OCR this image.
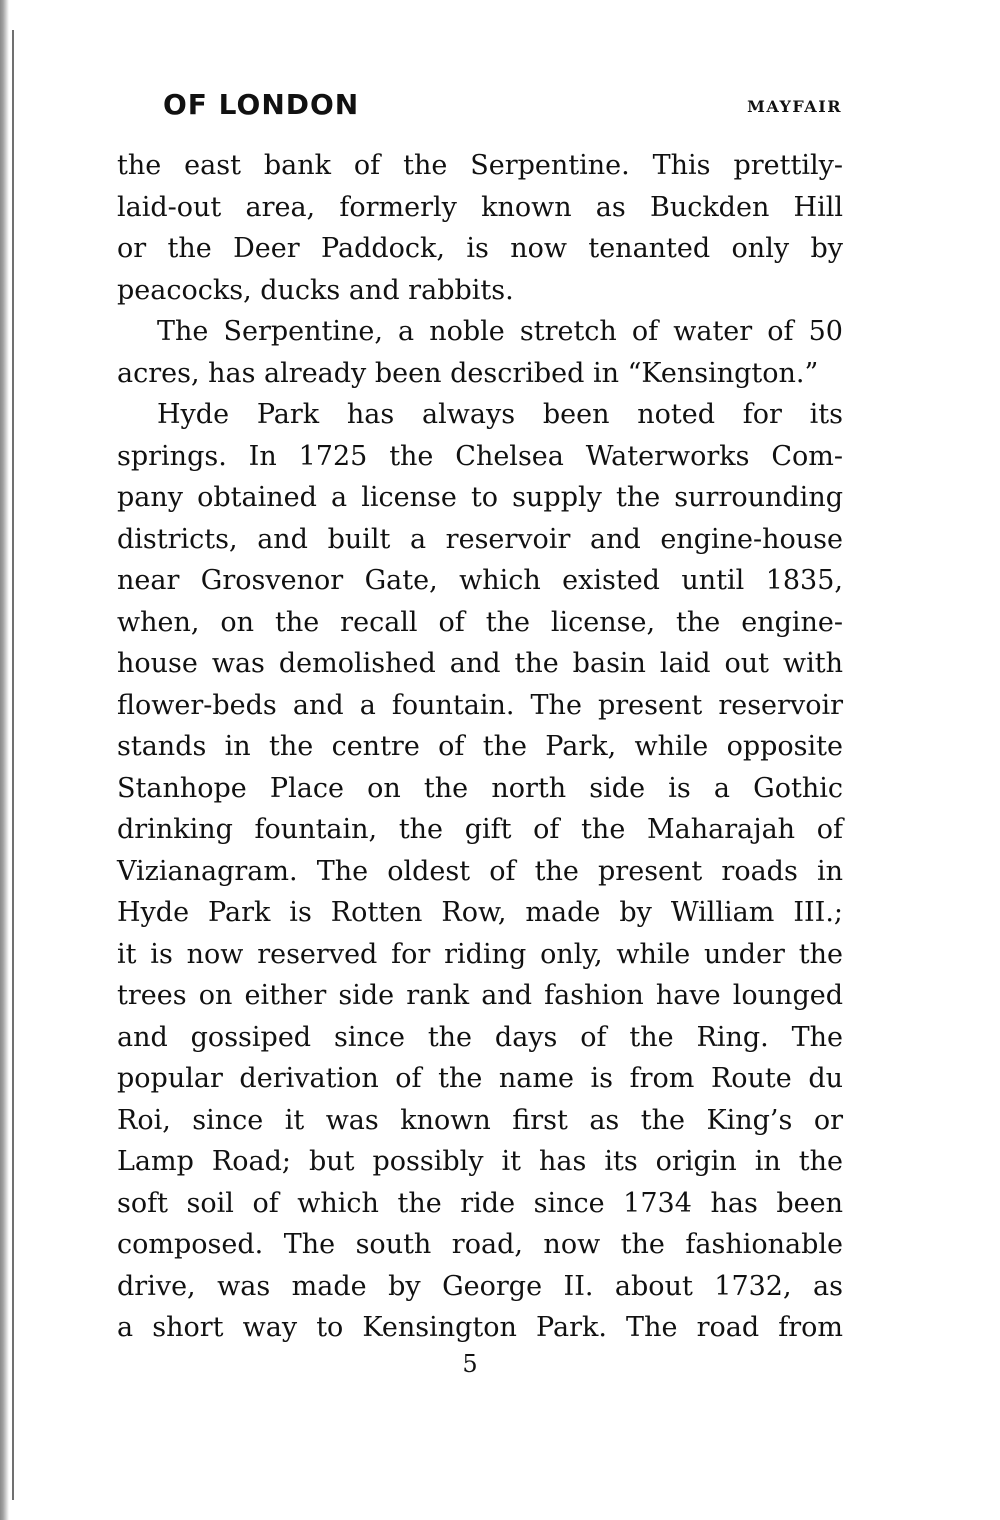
OF LONDON	MAYFAIR
the east bank of the Serpentine. This prettily-
laid-out area, formerly known as Buckden Hill
or the Deer Paddock, is now tenanted only by
peacocks, ducks and rabbits.
The Serpentine, a noble stretch of water of 50
acres, has already been described in “Kensington.”
Hyde Park has always been noted for its
springs. In 1725 the Chelsea Waterworks Com-
pany obtained a license to supply the surrounding
districts, and built a reservoir and engine-house
near Grosvenor Gate, which existed until 1835,
when, on the recall of the license, the engine-
house was demolished and the basin laid out with
flower-beds and a fountain. The present reservoir
stands in the centre of the Park, while opposite
Stanhope Place on the north side is a Gothic
drinking fountain, the gift of the Maharajah of
Vizianagram. The oldest of the present roads in
Hyde Park is Rotten Row, made by William III.;
it is now reserved for riding only, while under the
trees on either side rank and fashion have lounged
and gossiped since the days of the Ring. The
popular derivation of the name is from Route du
Roi, since it was known first as the King’s or
Lamp Road; but possibly it has its origin in the
soft soil of which the ride since 1734 has been
composed. The south road, now the fashionable
drive, was made by George II. about 1732, as
a short way to Kensington Park. The road from
5
